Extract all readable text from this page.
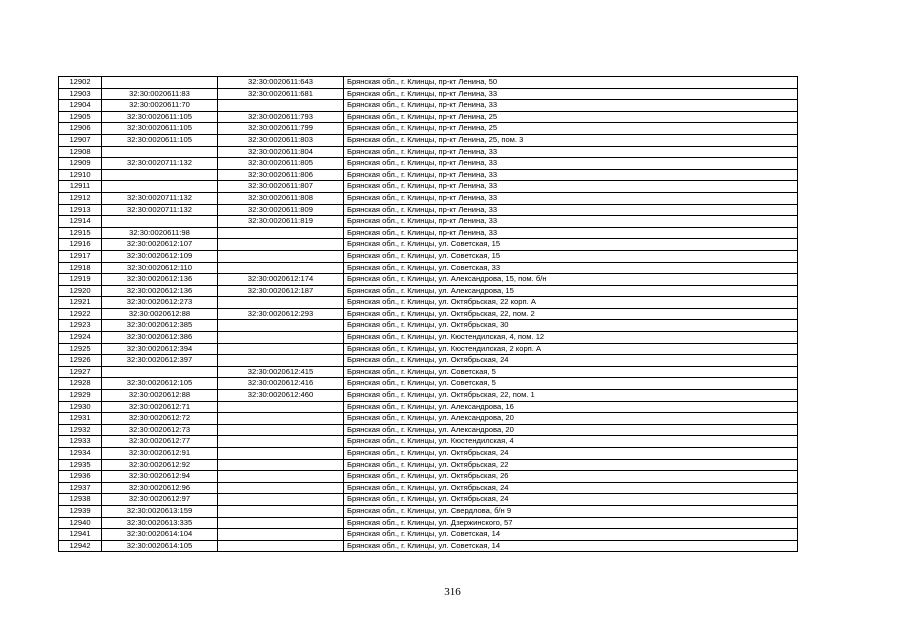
12902		32:30:0020611:643	Брянская обл., г. Клинцы, пр-кт Ленина, 50
12903	32:30:0020611:83	32:30:0020611:681	Брянская обл., г. Клинцы, пр-кт Ленина, 33
12904	32:30:0020611:70		Брянская обл., г. Клинцы, пр-кт Ленина, 33
12905	32:30:0020611:105	32:30:0020611:793	Брянская обл., г. Клинцы, пр-кт Ленина, 25
12906	32:30:0020611:105	32:30:0020611:799	Брянская обл., г. Клинцы, пр-кт Ленина, 25
12907	32:30:0020611:105	32:30:0020611:803	Брянская обл., г. Клинцы, пр-кт Ленина, 25, пом. 3
12908		32:30:0020611:804	Брянская обл., г. Клинцы, пр-кт Ленина, 33
12909	32:30:0020711:132	32:30:0020611:805	Брянская обл., г. Клинцы, пр-кт Ленина, 33
12910		32:30:0020611:806	Брянская обл., г. Клинцы, пр-кт Ленина, 33
12911		32:30:0020611:807	Брянская обл., г. Клинцы, пр-кт Ленина, 33
12912	32:30:0020711:132	32:30:0020611:808	Брянская обл., г. Клинцы, пр-кт Ленина, 33
12913	32:30:0020711:132	32:30:0020611:809	Брянская обл., г. Клинцы, пр-кт Ленина, 33
12914		32:30:0020611:819	Брянская обл., г. Клинцы, пр-кт Ленина, 33
12915	32:30:0020611:98		Брянская обл., г. Клинцы, пр-кт Ленина, 33
12916	32:30:0020612:107		Брянская обл., г. Клинцы, ул. Советская, 15
12917	32:30:0020612:109		Брянская обл., г. Клинцы, ул. Советская, 15
12918	32:30:0020612:110		Брянская обл., г. Клинцы, ул. Советская, 33
12919	32:30:0020612:136	32:30:0020612:174	Брянская обл., г. Клинцы, ул. Александрова, 15, пом. б/н
12920	32:30:0020612:136	32:30:0020612:187	Брянская обл., г. Клинцы, ул. Александрова, 15
12921	32:30:0020612:273		Брянская обл., г. Клинцы, ул. Октябрьская, 22 корп. А
12922	32:30:0020612:88	32:30:0020612:293	Брянская обл., г. Клинцы, ул. Октябрьская, 22, пом. 2
12923	32:30:0020612:385		Брянская обл., г. Клинцы, ул. Октябрьская, 30
12924	32:30:0020612:386		Брянская обл., г. Клинцы, ул. Кюстендилская, 4, пом. 12
12925	32:30:0020612:394		Брянская обл., г. Клинцы, ул. Кюстендилская, 2 корп. А
12926	32:30:0020612:397		Брянская обл., г. Клинцы, ул. Октябрьская, 24
12927		32:30:0020612:415	Брянская обл., г. Клинцы, ул. Советская, 5
12928	32:30:0020612:105	32:30:0020612:416	Брянская обл., г. Клинцы, ул. Советская, 5
12929	32:30:0020612:88	32:30:0020612:460	Брянская обл., г. Клинцы, ул. Октябрьская, 22, пом. 1
12930	32:30:0020612:71		Брянская обл., г. Клинцы, ул. Александрова, 16
12931	32:30:0020612:72		Брянская обл., г. Клинцы, ул. Александрова, 20
12932	32:30:0020612:73		Брянская обл., г. Клинцы, ул. Александрова, 20
12933	32:30:0020612:77		Брянская обл., г. Клинцы, ул. Кюстендилская, 4
12934	32:30:0020612:91		Брянская обл., г. Клинцы, ул. Октябрьская, 24
12935	32:30:0020612:92		Брянская обл., г. Клинцы, ул. Октябрьская, 22
12936	32:30:0020612:94		Брянская обл., г. Клинцы, ул. Октябрьская, 26
12937	32:30:0020612:96		Брянская обл., г. Клинцы, ул. Октябрьская, 24
12938	32:30:0020612:97		Брянская обл., г. Клинцы, ул. Октябрьская, 24
12939	32:30:0020613:159		Брянская обл., г. Клинцы, ул. Свердлова, б/н 9
12940	32:30:0020613:335		Брянская обл., г. Клинцы, ул. Дзержинского, 57
12941	32:30:0020614:104		Брянская обл., г. Клинцы, ул. Советская, 14
12942	32:30:0020614:105		Брянская обл., г. Клинцы, ул. Советская, 14
316
